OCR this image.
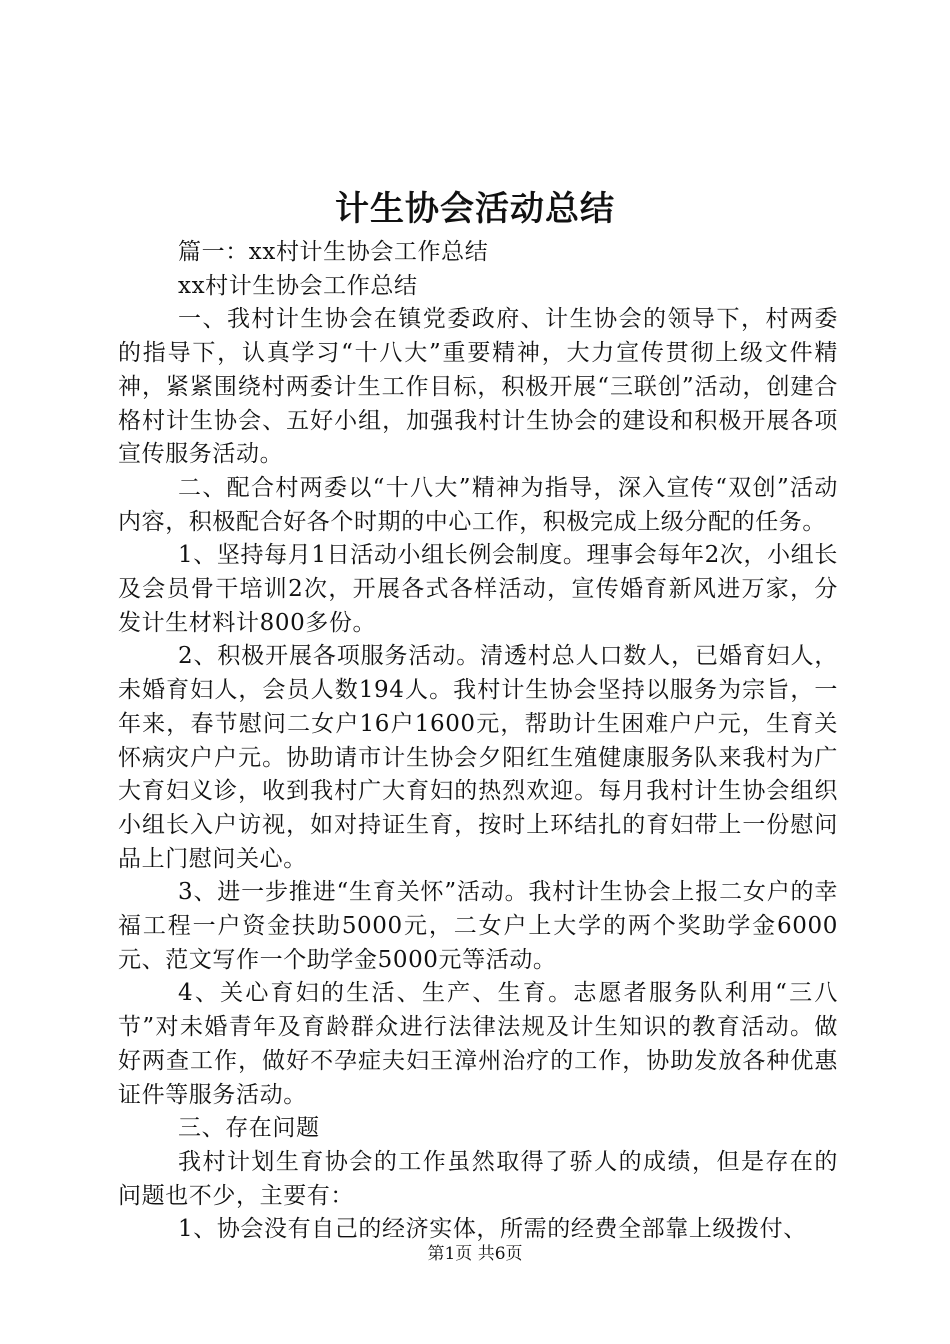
计生协会活动总结

篇一：xx村计生协会工作总结

xx村计生协会工作总结

一、我村计生协会在镇党委政府、计生协会的领导下，村两委的指导下，认真学习“十八大”重要精神，大力宣传贯彻上级文件精神，紧紧围绕村两委计生工作目标，积极开展“三联创”活动，创建合格村计生协会、五好小组，加强我村计生协会的建设和积极开展各项宣传服务活动。

二、配合村两委以“十八大”精神为指导，深入宣传“双创”活动内容，积极配合好各个时期的中心工作，积极完成上级分配的任务。

1、坚持每月1日活动小组长例会制度。理事会每年2次，小组长及会员骨干培训2次，开展各式各样活动，宣传婚育新风进万家，分发计生材料计800多份。

2、积极开展各项服务活动。清透村总人口数人，已婚育妇人，未婚育妇人，会员人数194人。我村计生协会坚持以服务为宗旨，一年来，春节慰问二女户16户1600元，帮助计生困难户户元，生育关怀病灾户户元。协助请市计生协会夕阳红生殖健康服务队来我村为广大育妇义诊，收到我村广大育妇的热烈欢迎。每月我村计生协会组织小组长入户访视，如对持证生育，按时上环结扎的育妇带上一份慰问品上门慰问关心。

3、进一步推进“生育关怀”活动。我村计生协会上报二女户的幸福工程一户资金扶助5000元，二女户上大学的两个奖助学金6000元、范文写作一个助学金5000元等活动。

4、关心育妇的生活、生产、生育。志愿者服务队利用“三八节”对未婚青年及育龄群众进行法律法规及计生知识的教育活动。做好两查工作，做好不孕症夫妇王漳州治疗的工作，协助发放各种优惠证件等服务活动。

三、存在问题

我村计划生育协会的工作虽然取得了骄人的成绩，但是存在的问题也不少，主要有：

1、协会没有自己的经济实体，所需的经费全部靠上级拨付、

第1页 共6页
